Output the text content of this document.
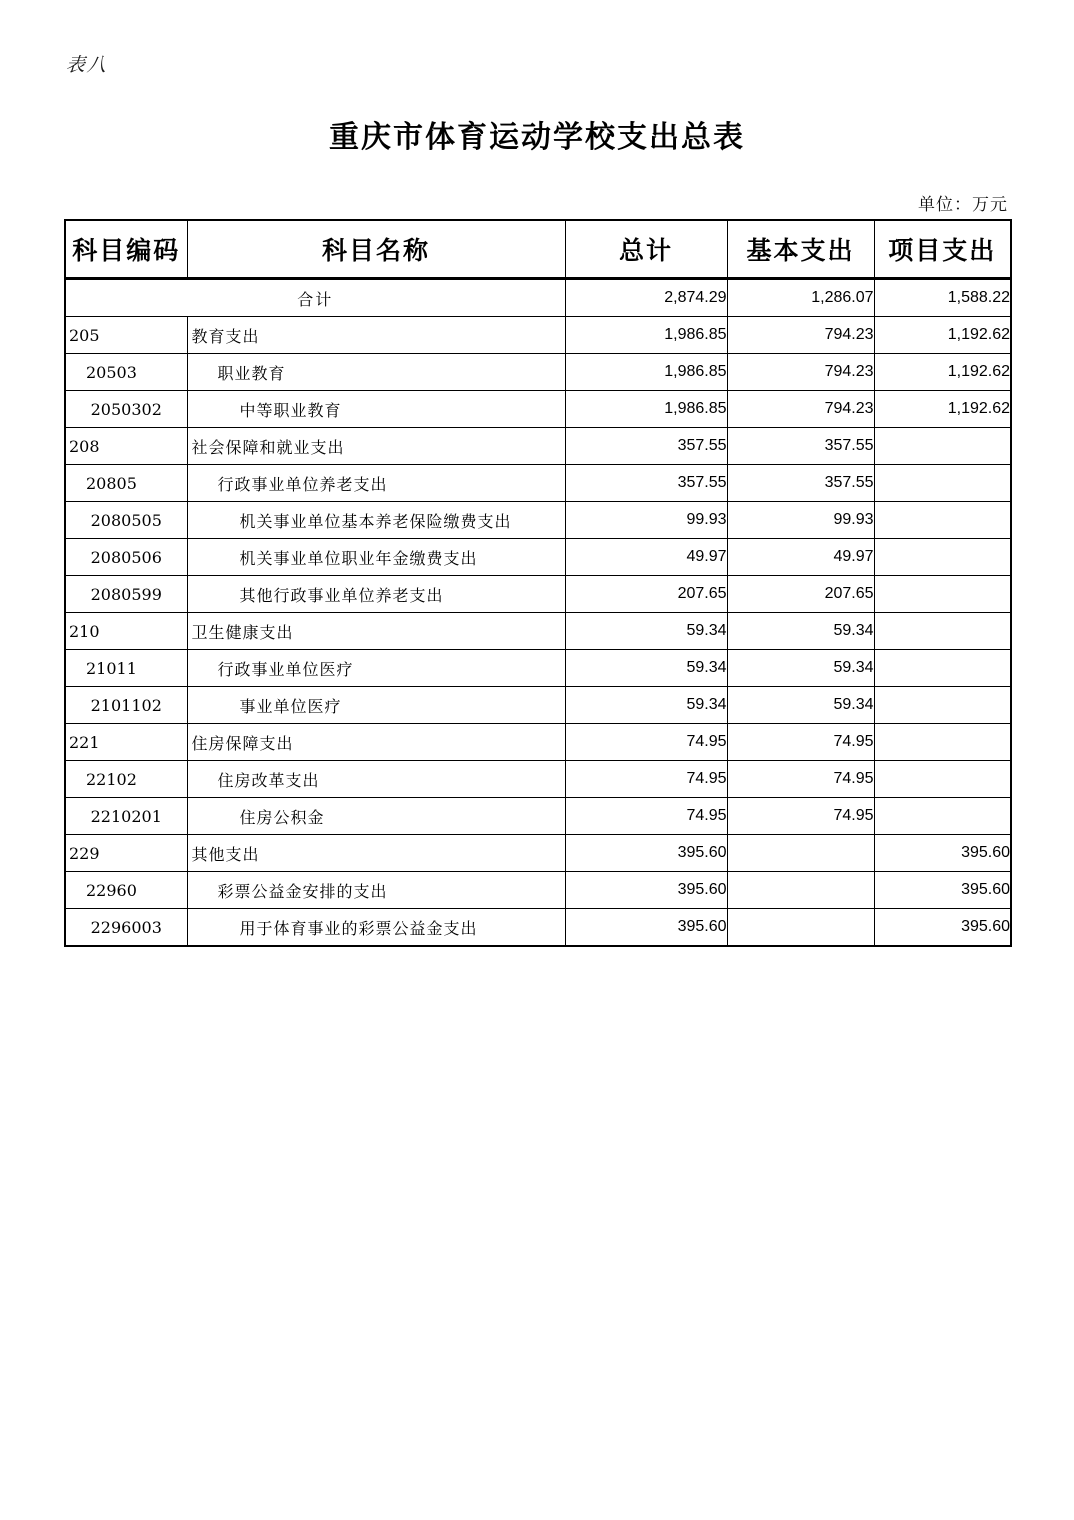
表八
重庆市体育运动学校支出总表
单位：万元
科目编码	科目名称	总计	基本支出	项目支出

合计		2,874.29	1,286.07	1,588.22

205	教育支出	1,986.85	794.23	1,192.62

20503	职业教育	1,986.85	794.23	1,192.62

2050302	中等职业教育	1,986.85	794.23	1,192.62

208	社会保障和就业支出	357.55	357.55	

20805	行政事业单位养老支出	357.55	357.55	

2080505	机关事业单位基本养老保险缴费支出	99.93	99.93	

2080506	机关事业单位职业年金缴费支出	49.97	49.97	

2080599	其他行政事业单位养老支出	207.65	207.65	

210	卫生健康支出	59.34	59.34	

21011	行政事业单位医疗	59.34	59.34	

2101102	事业单位医疗	59.34	59.34	

221	住房保障支出	74.95	74.95	

22102	住房改革支出	74.95	74.95	

2210201	住房公积金	74.95	74.95	

229	其他支出	395.60		395.60

22960	彩票公益金安排的支出	395.60		395.60

2296003	用于体育事业的彩票公益金支出	395.60		395.60
